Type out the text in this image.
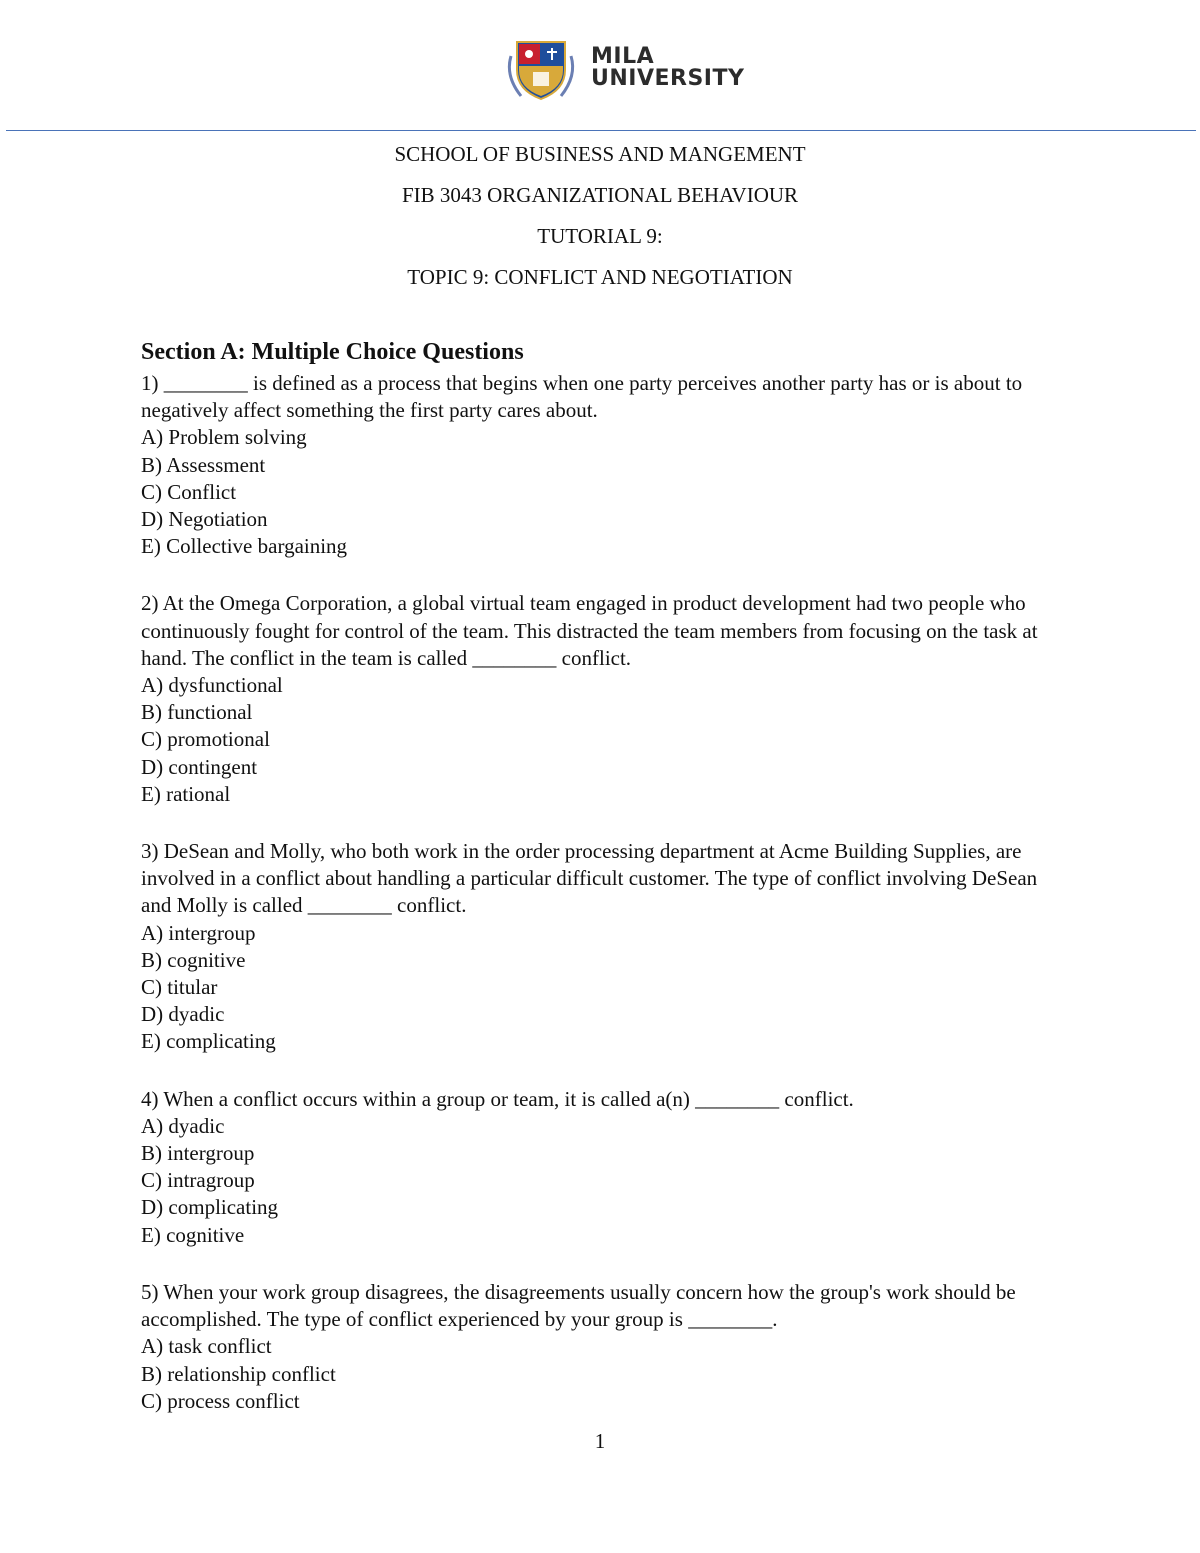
MILA
UNIVERSITY
SCHOOL OF BUSINESS AND MANGEMENT
FIB 3043 ORGANIZATIONAL BEHAVIOUR
TUTORIAL 9:
TOPIC 9: CONFLICT AND NEGOTIATION
Section A: Multiple Choice Questions

1) ________ is defined as a process that begins when one party perceives another party has or is about to negatively affect something the first party cares about.

A) Problem solving

B) Assessment

C) Conflict

D) Negotiation

E) Collective bargaining

2) At the Omega Corporation, a global virtual team engaged in product development had two people who continuously fought for control of the team. This distracted the team members from focusing on the task at hand. The conflict in the team is called ________ conflict.

A) dysfunctional

B) functional

C) promotional

D) contingent

E) rational

3) DeSean and Molly, who both work in the order processing department at Acme Building Supplies, are involved in a conflict about handling a particular difficult customer. The type of conflict involving DeSean and Molly is called ________ conflict.

A) intergroup

B) cognitive

C) titular

D) dyadic

E) complicating

4) When a conflict occurs within a group or team, it is called a(n) ________ conflict.

A) dyadic

B) intergroup

C) intragroup

D) complicating

E) cognitive

5) When your work group disagrees, the disagreements usually concern how the group's work should be accomplished. The type of conflict experienced by your group is ________.

A) task conflict

B) relationship conflict

C) process conflict

1
